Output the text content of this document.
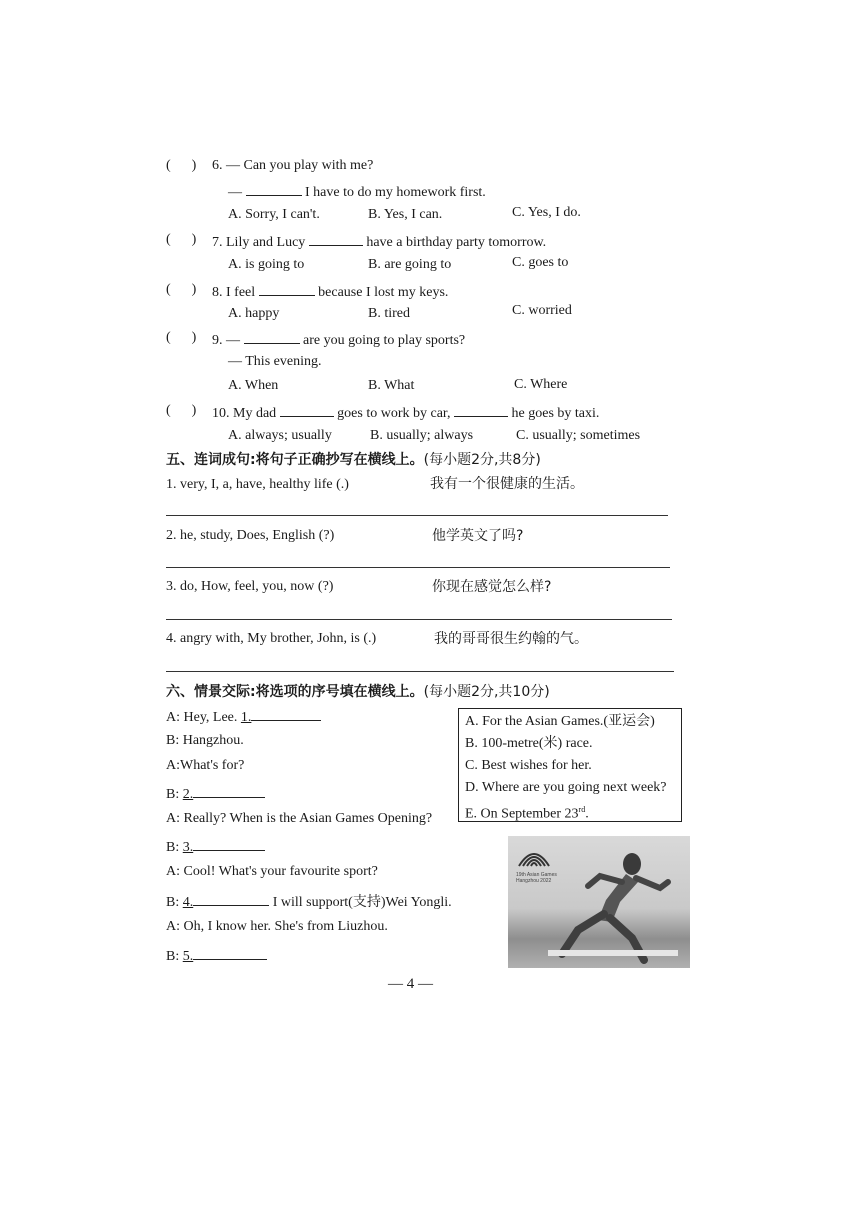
( ) 6. — Can you play with me?
—	I have to do my homework first.
A. Sorry, I can't.	B. Yes, I can.	C. Yes, I do.
( ) 7. Lily and Lucy	have a birthday party tomorrow.
A. is going to	B. are going to	C. goes to
( ) 8. I feel	because I lost my keys.
A. happy	B. tired	C. worried
( ) 9. —	are you going to play sports?
— This evening.
A. When	B. What	C. Where
( ) 10. My dad	goes to work by car,	he goes by taxi.
A. always; usually	B. usually; always	C. usually; sometimes
五、连词成句:将句子正确抄写在横线上。(每小题2分,共8分)
1. very, I, a, have, healthy life (.)	我有一个很健康的生活。
2. he, study, Does, English (?)	他学英文了吗?
3. do, How, feel, you, now (?)	你现在感觉怎么样?
4. angry with, My brother, John, is (.)	我的哥哥很生约翰的气。
六、情景交际:将选项的序号填在横线上。(每小题2分,共10分)
A: Hey, Lee. 1.
B: Hangzhou.
A:What's for?
B: 2.
A: Really? When is the Asian Games Opening?
B: 3.
A: Cool! What's your favourite sport?
B: 4.	I will support(支持)Wei Yongli.
A: Oh, I know her. She's from Liuzhou.
B: 5.
A. For the Asian Games.(亚运会)
B. 100-metre(米) race.
C. Best wishes for her.
D. Where are you going next week?
E. On September 23rd.
19th Asian Games
Hangzhou 2022
— 4 —
